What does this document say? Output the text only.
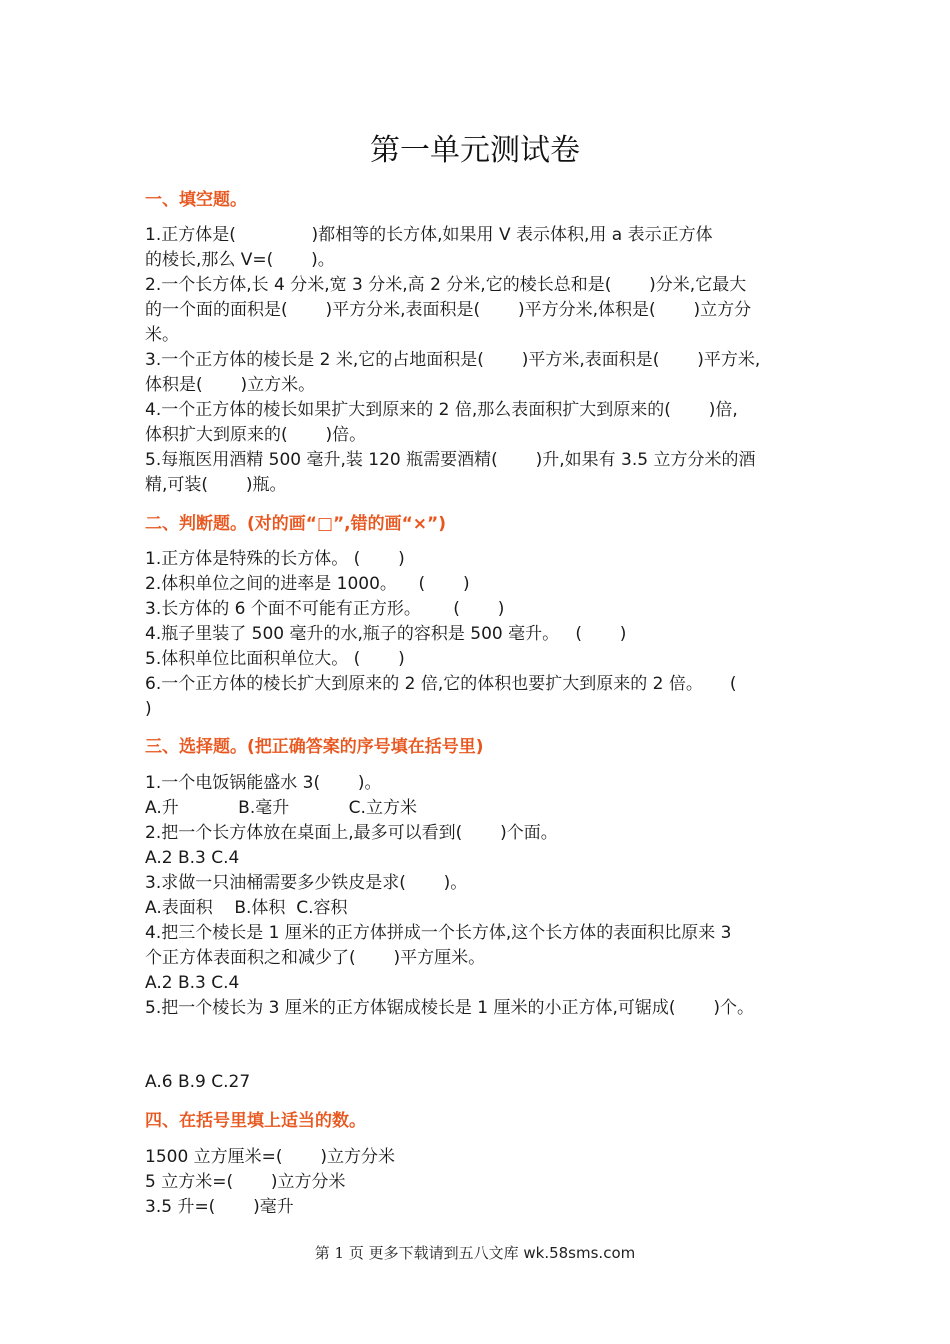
第一单元测试卷
一、填空题。
1.正方体是(              )都相等的长方体,如果用 V 表示体积,用 a 表示正方体
的棱长,那么 V=(       )。
2.一个长方体,长 4 分米,宽 3 分米,高 2 分米,它的棱长总和是(       )分米,它最大
的一个面的面积是(       )平方分米,表面积是(       )平方分米,体积是(       )立方分
米。
3.一个正方体的棱长是 2 米,它的占地面积是(       )平方米,表面积是(       )平方米,
体积是(       )立方米。
4.一个正方体的棱长如果扩大到原来的 2 倍,那么表面积扩大到原来的(       )倍,
体积扩大到原来的(       )倍。
5.每瓶医用酒精 500 毫升,装 120 瓶需要酒精(       )升,如果有 3.5 立方分米的酒
精,可装(       )瓶。
二、判断题。(对的画“□”,错的画“×”)
1.正方体是特殊的长方体。 (       )
2.体积单位之间的进率是 1000。    (       )
3.长方体的 6 个面不可能有正方形。      (       )
4.瓶子里装了 500 毫升的水,瓶子的容积是 500 毫升。   (       )
5.体积单位比面积单位大。 (       )
6.一个正方体的棱长扩大到原来的 2 倍,它的体积也要扩大到原来的 2 倍。     (
)
三、选择题。(把正确答案的序号填在括号里)
1.一个电饭锅能盛水 3(       )。
A.升           B.毫升           C.立方米
2.把一个长方体放在桌面上,最多可以看到(       )个面。
A.2 B.3 C.4
3.求做一只油桶需要多少铁皮是求(       )。
A.表面积    B.体积  C.容积
4.把三个棱长是 1 厘米的正方体拼成一个长方体,这个长方体的表面积比原来 3
个正方体表面积之和减少了(       )平方厘米。
A.2 B.3 C.4
5.把一个棱长为 3 厘米的正方体锯成棱长是 1 厘米的小正方体,可锯成(       )个。
A.6 B.9 C.27
四、在括号里填上适当的数。
1500 立方厘米=(       )立方分米
5 立方米=(       )立方分米
3.5 升=(       )毫升
第 1 页 更多下载请到五八文库 wk.58sms.com
